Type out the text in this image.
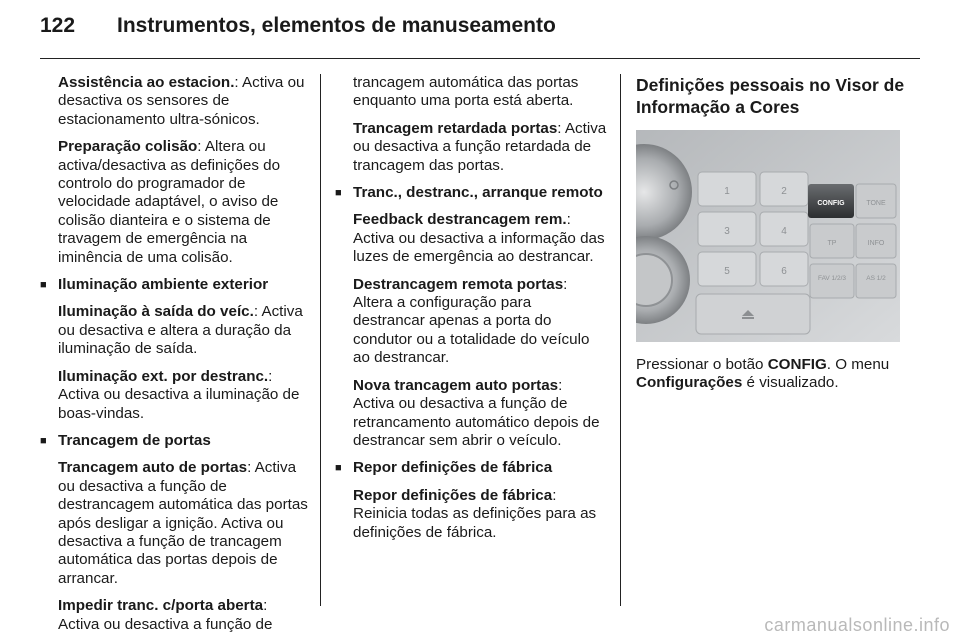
122 Instrumentos, elementos de manuseamento

Assistência ao estacion.: Activa ou desactiva os sensores de estacionamento ultra-sónicos.

Preparação colisão: Altera ou activa/desactiva as definições do controlo do programador de velocidade adaptável, o aviso de colisão dianteira e o sistema de travagem de emergência na iminência de uma colisão.

■ Iluminação ambiente exterior

Iluminação à saída do veíc.: Activa ou desactiva e altera a duração da iluminação de saída.

Iluminação ext. por destranc.: Activa ou desactiva a iluminação de boas-vindas.

■ Trancagem de portas

Trancagem auto de portas: Activa ou desactiva a função de destrancagem automática das portas após desligar a ignição. Activa ou desactiva a função de trancagem automática das portas depois de arrancar.

Impedir tranc. c/porta aberta: Activa ou desactiva a função de

trancagem automática das portas enquanto uma porta está aberta.

Trancagem retardada portas: Activa ou desactiva a função retardada de trancagem das portas.

■ Tranc., destranc., arranque remoto

Feedback destrancagem rem.: Activa ou desactiva a informação das luzes de emergência ao destrancar.

Destrancagem remota portas: Altera a configuração para destrancar apenas a porta do condutor ou a totalidade do veículo ao destrancar.

Nova trancagem auto portas: Activa ou desactiva a função de retrancamento automático depois de destrancar sem abrir o veículo.

■ Repor definições de fábrica

Repor definições de fábrica: Reinicia todas as definições para as definições de fábrica.

Definições pessoais no Visor de Informação a Cores
1	2
3	4
5	6
CONFIG	TONE
TP	INFO
FAV 1/2/3	AS 1/2

Pressionar o botão CONFIG. O menu Configurações é visualizado.

carmanualsonline.info
